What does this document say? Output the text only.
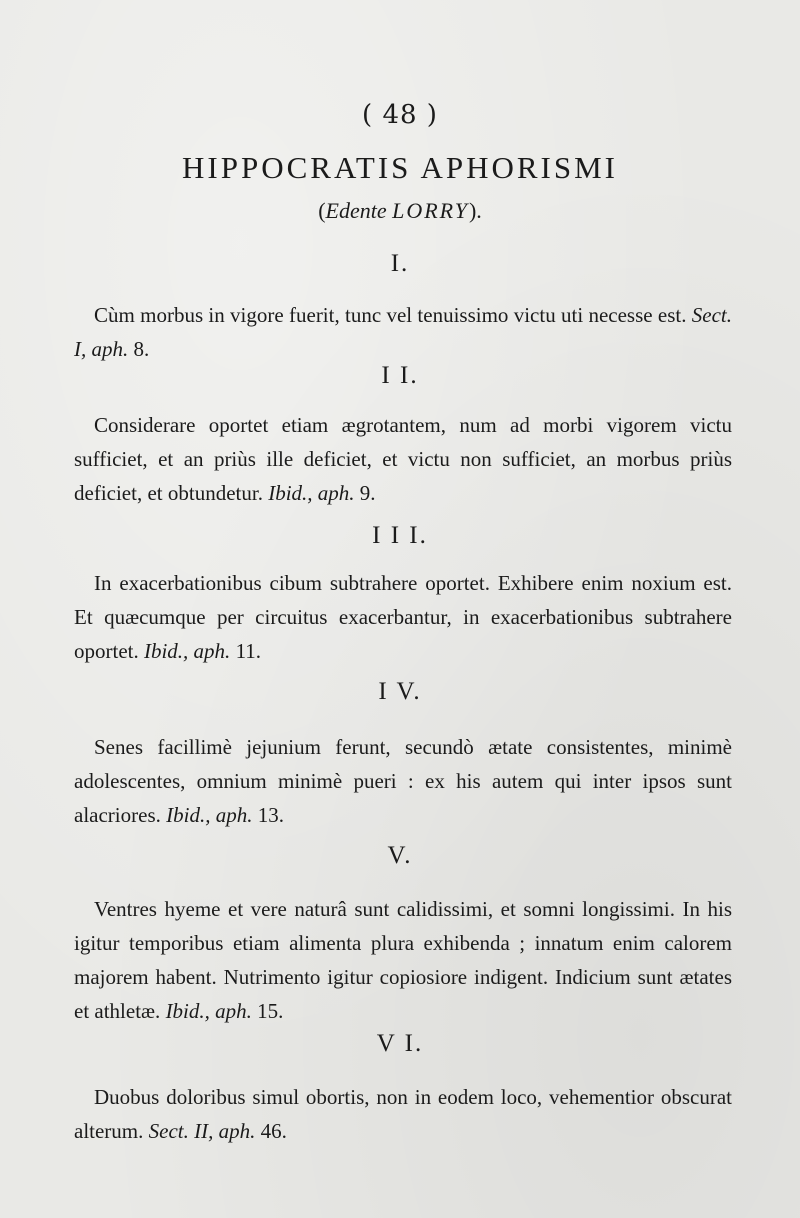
( 48 )
HIPPOCRATIS APHORISMI
(Edente LORRY).
I.
Cùm morbus in vigore fuerit, tunc vel tenuissimo victu uti necesse est. Sect. I, aph. 8.
I I.
Considerare oportet etiam ægrotantem, num ad morbi vigorem victu sufficiet, et an priùs ille deficiet, et victu non sufficiet, an morbus priùs deficiet, et obtundetur. Ibid., aph. 9.
I I I.
In exacerbationibus cibum subtrahere oportet. Exhibere enim noxium est. Et quæcumque per circuitus exacerbantur, in exacerbationibus subtrahere oportet. Ibid., aph. 11.
I V.
Senes facillimè jejunium ferunt, secundò ætate consistentes, minimè adolescentes, omnium minimè pueri : ex his autem qui inter ipsos sunt alacriores. Ibid., aph. 13.
V.
Ventres hyeme et vere naturâ sunt calidissimi, et somni longissimi. In his igitur temporibus etiam alimenta plura exhibenda ; innatum enim calorem majorem habent. Nutrimento igitur copiosiore indigent. Indicium sunt ætates et athletæ. Ibid., aph. 15.
V I.
Duobus doloribus simul obortis, non in eodem loco, vehementior obscurat alterum. Sect. II, aph. 46.
